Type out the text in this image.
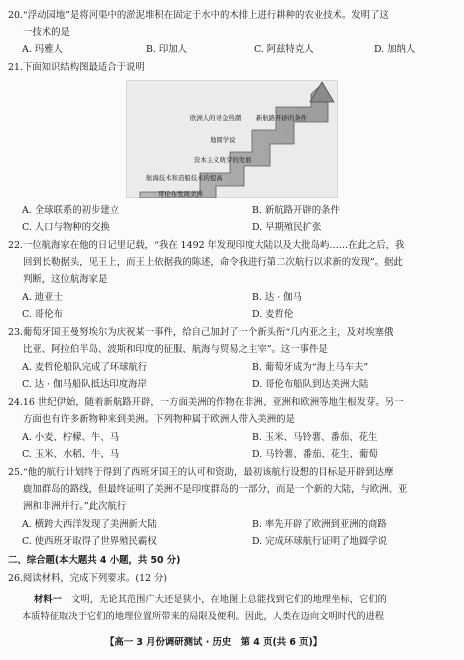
20.“浮动园地”是将河渠中的淤泥堆积在固定于水中的木排上进行耕种的农业技术。发明了这
一技术的是
A. 玛雅人	B. 印加人	C. 阿兹特克人	D. 加纳人
21.下面知识结构图最适合于说明
哥伦布发现美洲
航海技术和造船技术的提高
资本主义萌芽的发展
地圆学说
欧洲人的寻金热潮 新航路开辟的条件
A. 全球联系的初步建立	B. 新航路开辟的条件
C. 人口与物种的交换	D. 早期殖民扩张
22.一位航海家在他的日记里记载，“我在 1492 年发现印度大陆以及大批岛屿……在此之后，我
回到长勒据头，见王上，而王上依据我的陈述，命令我进行第二次航行以求新的发现”。据此
判断，这位航海家是
A. 迪亚士	B. 达 · 伽马
C. 哥伦布	D. 麦哲伦
23.葡萄牙国王曼努埃尔为庆祝某一事件，给自己加封了一个新头衔“几内亚之主，及对埃塞俄
比亚、阿拉伯半岛、波斯和印度的征服、航海与贸易之主宰”。这一事件是
A. 麦哲伦船队完成了环球航行	B. 葡萄牙成为“海上马车夫”
C. 达 · 伽马船队抵达印度海岸	D. 哥伦布船队到达美洲大陆
24.16 世纪伊始，随着新航路开辟，一方面美洲的作物在非洲、亚洲和欧洲等地生根发芽。另一
方面也有许多新物种来到美洲。下列物种属于欧洲人带入美洲的是
A. 小麦、柠檬、牛、马	B. 玉米、马铃薯、番茄、花生
C. 玉米、水稻、牛、马	D. 马铃薯、番茄、花生、葡萄
25.“他的航行计划终于得到了西班牙国王的认可和资助，最初该航行设想的目标是开辟到达摩
鹿加群岛的路线，但最终证明了美洲不是印度群岛的一部分，而是一个新的大陆，与欧洲、亚
洲和非洲并行。”此次航行
A. 横跨大西洋发现了美洲新大陆	B. 率先开辟了欧洲到亚洲的商路
C. 使西班牙取得了世界殖民霸权	D. 完成环球航行证明了地圆学说
二、综合题(本大题共 4 小题，共 50 分)
26.阅读材料，完成下列要求。(12 分)
材料一　 文明，无论其范围广大还是狭小，在地图上总能找到它们的地理坐标，它们的
本质特征取决于它们的地理位置所带来的局限及便利。因此，人类在迈向文明时代的进程
【高一 3 月份调研测试 · 历史　第 4 页(共 6 页)】
